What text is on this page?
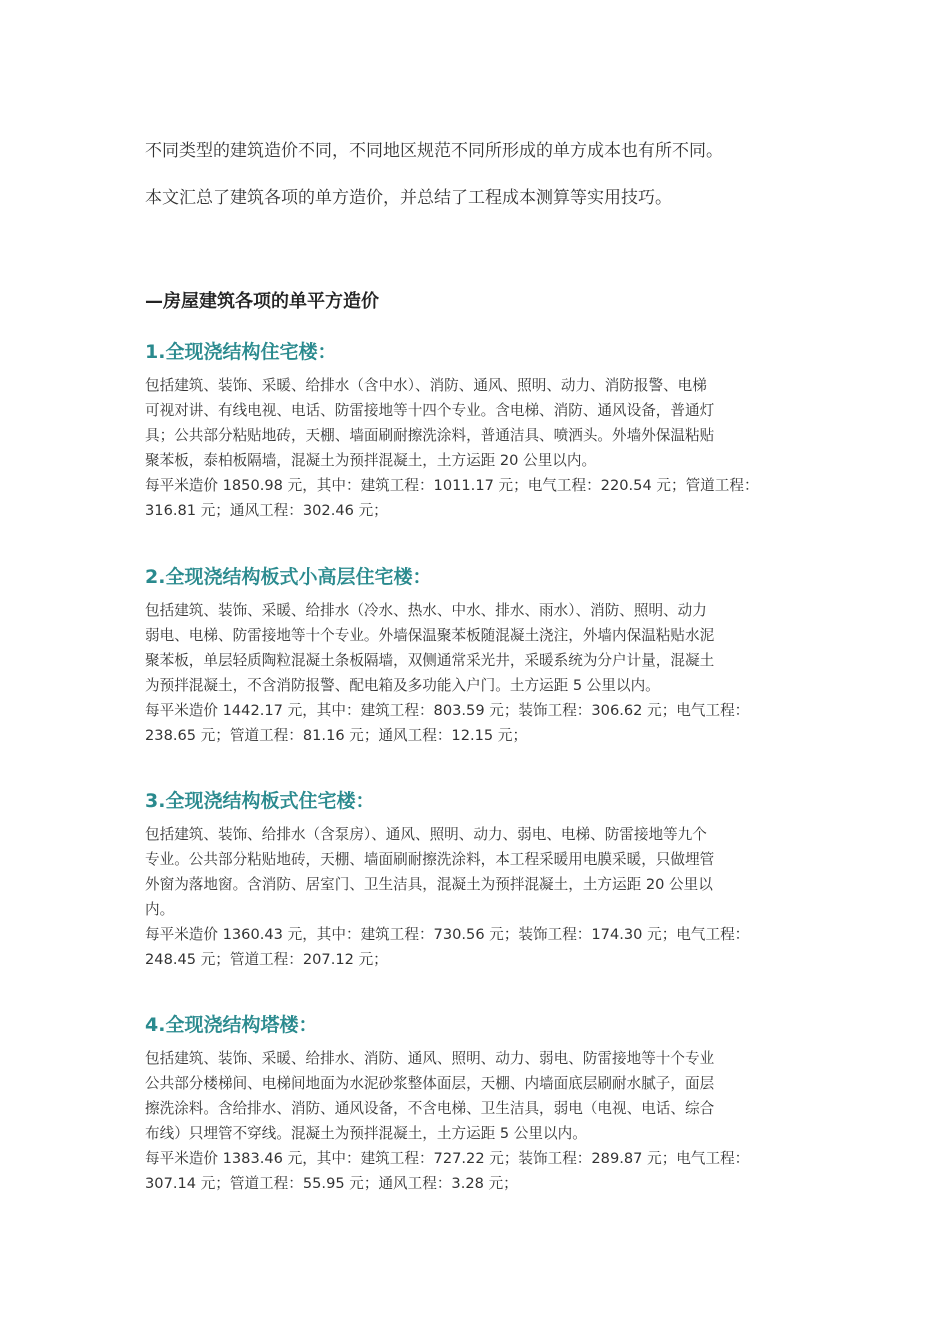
不同类型的建筑造价不同，不同地区规范不同所形成的单方成本也有所不同。
本文汇总了建筑各项的单方造价，并总结了工程成本测算等实用技巧。
—房屋建筑各项的单平方造价
1.全现浇结构住宅楼：
包括建筑、装饰、采暖、给排水（含中水）、消防、通风、照明、动力、消防报警、电梯
可视对讲、有线电视、电话、防雷接地等十四个专业。含电梯、消防、通风设备，普通灯
具；公共部分粘贴地砖，天棚、墙面刷耐擦洗涂料，普通洁具、喷洒头。外墙外保温粘贴
聚苯板，泰柏板隔墙，混凝土为预拌混凝土，土方运距 20 公里以内。
每平米造价 1850.98 元，其中：建筑工程：1011.17 元；电气工程：220.54 元；管道工程：
316.81 元；通风工程：302.46 元；
2.全现浇结构板式小高层住宅楼：
包括建筑、装饰、采暖、给排水（冷水、热水、中水、排水、雨水）、消防、照明、动力
弱电、电梯、防雷接地等十个专业。外墙保温聚苯板随混凝土浇注，外墙内保温粘贴水泥
聚苯板，单层轻质陶粒混凝土条板隔墙，双侧通常采光井，采暖系统为分户计量，混凝土
为预拌混凝土，不含消防报警、配电箱及多功能入户门。土方运距 5 公里以内。
每平米造价 1442.17 元，其中：建筑工程：803.59 元；装饰工程：306.62 元；电气工程：
238.65 元；管道工程：81.16 元；通风工程：12.15 元；
3.全现浇结构板式住宅楼：
包括建筑、装饰、给排水（含泵房）、通风、照明、动力、弱电、电梯、防雷接地等九个
专业。公共部分粘贴地砖，天棚、墙面刷耐擦洗涂料，本工程采暖用电膜采暖，只做埋管
外窗为落地窗。含消防、居室门、卫生洁具，混凝土为预拌混凝土，土方运距 20 公里以
内。
每平米造价 1360.43 元，其中：建筑工程：730.56 元；装饰工程：174.30 元；电气工程：
248.45 元；管道工程：207.12 元；
4.全现浇结构塔楼：
包括建筑、装饰、采暖、给排水、消防、通风、照明、动力、弱电、防雷接地等十个专业
公共部分楼梯间、电梯间地面为水泥砂浆整体面层，天棚、内墙面底层刷耐水腻子，面层
擦洗涂料。含给排水、消防、通风设备，不含电梯、卫生洁具，弱电（电视、电话、综合
布线）只埋管不穿线。混凝土为预拌混凝土，土方运距 5 公里以内。
每平米造价 1383.46 元，其中：建筑工程：727.22 元；装饰工程：289.87 元；电气工程：
307.14 元；管道工程：55.95 元；通风工程：3.28 元；
